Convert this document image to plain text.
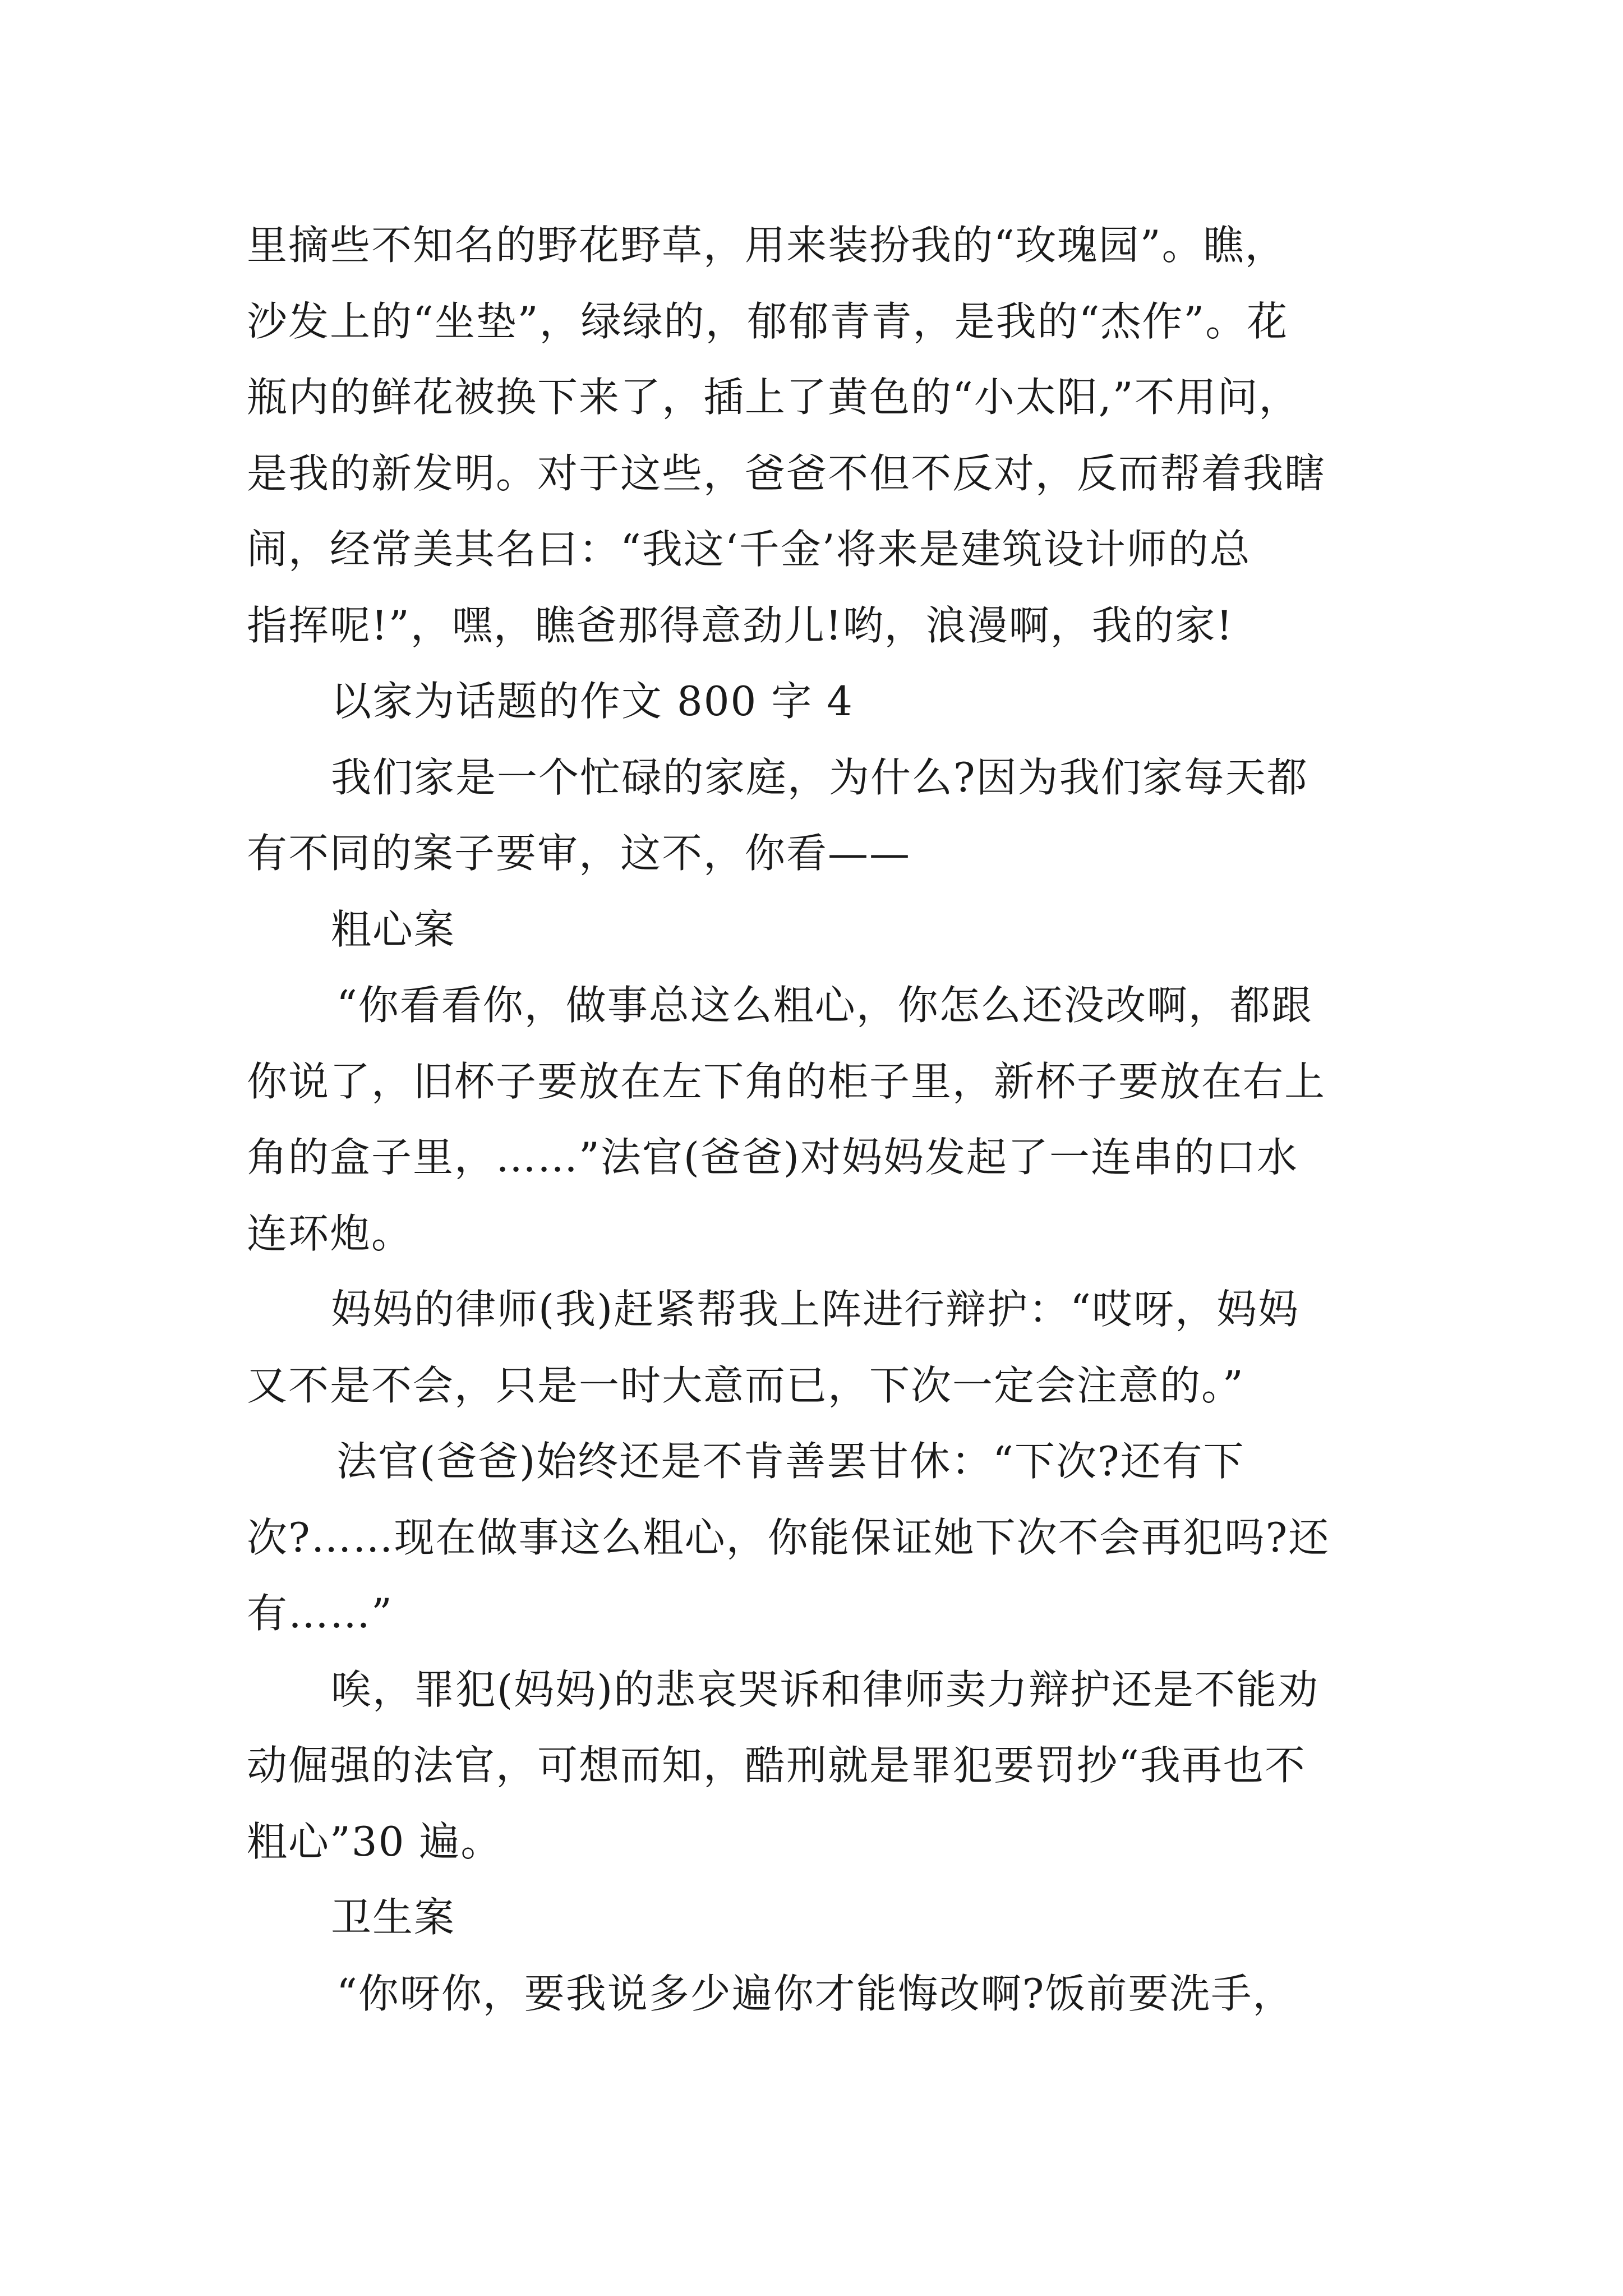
里摘些不知名的野花野草，用来装扮我的“玫瑰园”。瞧，
沙发上的“坐垫”，绿绿的，郁郁青青，是我的“杰作”。花
瓶内的鲜花被换下来了，插上了黄色的“小太阳,”不用问，
是我的新发明。对于这些，爸爸不但不反对，反而帮着我瞎
闹，经常美其名曰：“我这‘千金’将来是建筑设计师的总
指挥呢!”，嘿，瞧爸那得意劲儿!哟，浪漫啊，我的家!
以家为话题的作文 800 字 4
我们家是一个忙碌的家庭，为什么?因为我们家每天都
有不同的案子要审，这不，你看——
粗心案
“你看看你，做事总这么粗心，你怎么还没改啊，都跟
你说了，旧杯子要放在左下角的柜子里，新杯子要放在右上
角的盒子里，……”法官(爸爸)对妈妈发起了一连串的口水
连环炮。
妈妈的律师(我)赶紧帮我上阵进行辩护：“哎呀，妈妈
又不是不会，只是一时大意而已，下次一定会注意的。”
法官(爸爸)始终还是不肯善罢甘休：“下次?还有下
次?……现在做事这么粗心，你能保证她下次不会再犯吗?还
有……”
唉，罪犯(妈妈)的悲哀哭诉和律师卖力辩护还是不能劝
动倔强的法官，可想而知，酷刑就是罪犯要罚抄“我再也不
粗心”30 遍。
卫生案
“你呀你，要我说多少遍你才能悔改啊?饭前要洗手，
